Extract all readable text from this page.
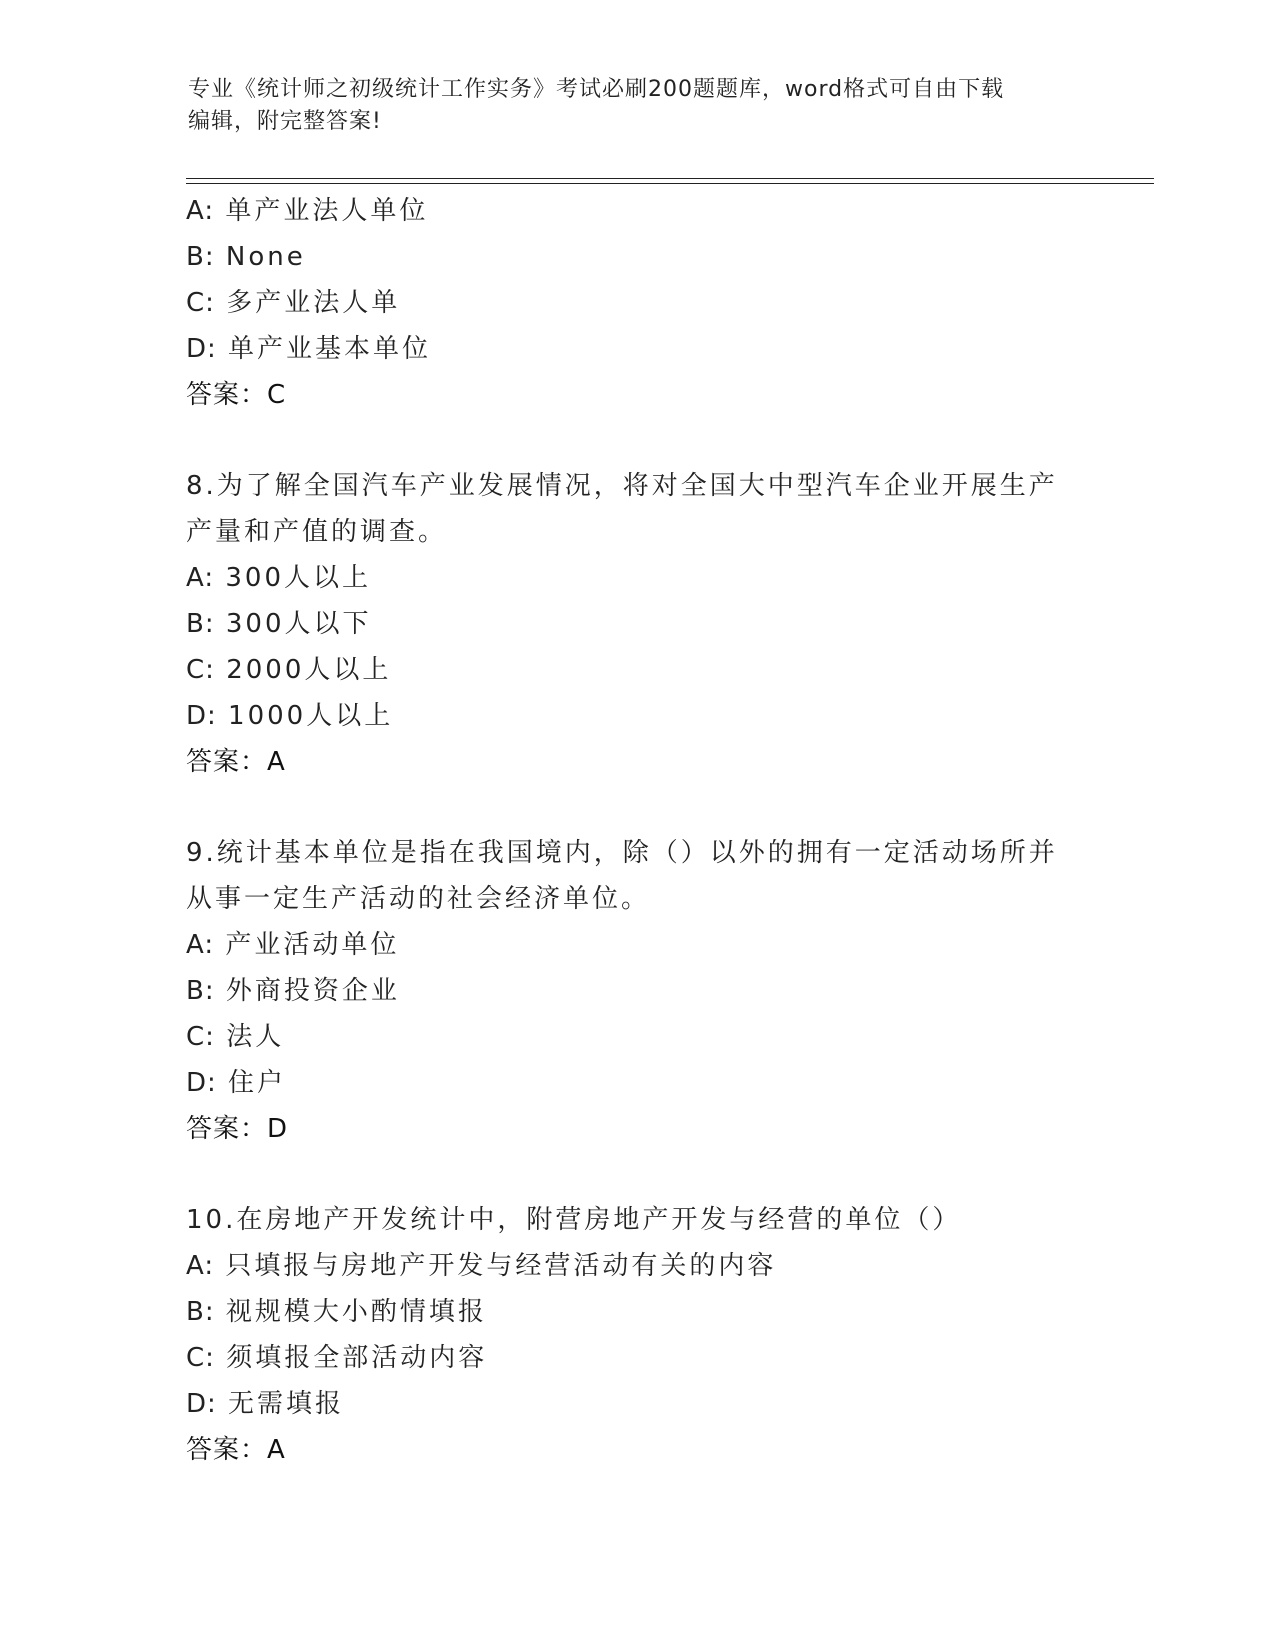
专业《统计师之初级统计工作实务》考试必刷200题题库，word格式可自由下载
编辑，附完整答案!
A: 单产业法人单位
B: None
C: 多产业法人单
D: 单产业基本单位
答案：C
8.为了解全国汽车产业发展情况，将对全国大中型汽车企业开展生产
产量和产值的调查。
A: 300人以上
B: 300人以下
C: 2000人以上
D: 1000人以上
答案：A
9.统计基本单位是指在我国境内，除（）以外的拥有一定活动场所并
从事一定生产活动的社会经济单位。
A: 产业活动单位
B: 外商投资企业
C: 法人
D: 住户
答案：D
10.在房地产开发统计中，附营房地产开发与经营的单位（）
A: 只填报与房地产开发与经营活动有关的内容
B: 视规模大小酌情填报
C: 须填报全部活动内容
D: 无需填报
答案：A
